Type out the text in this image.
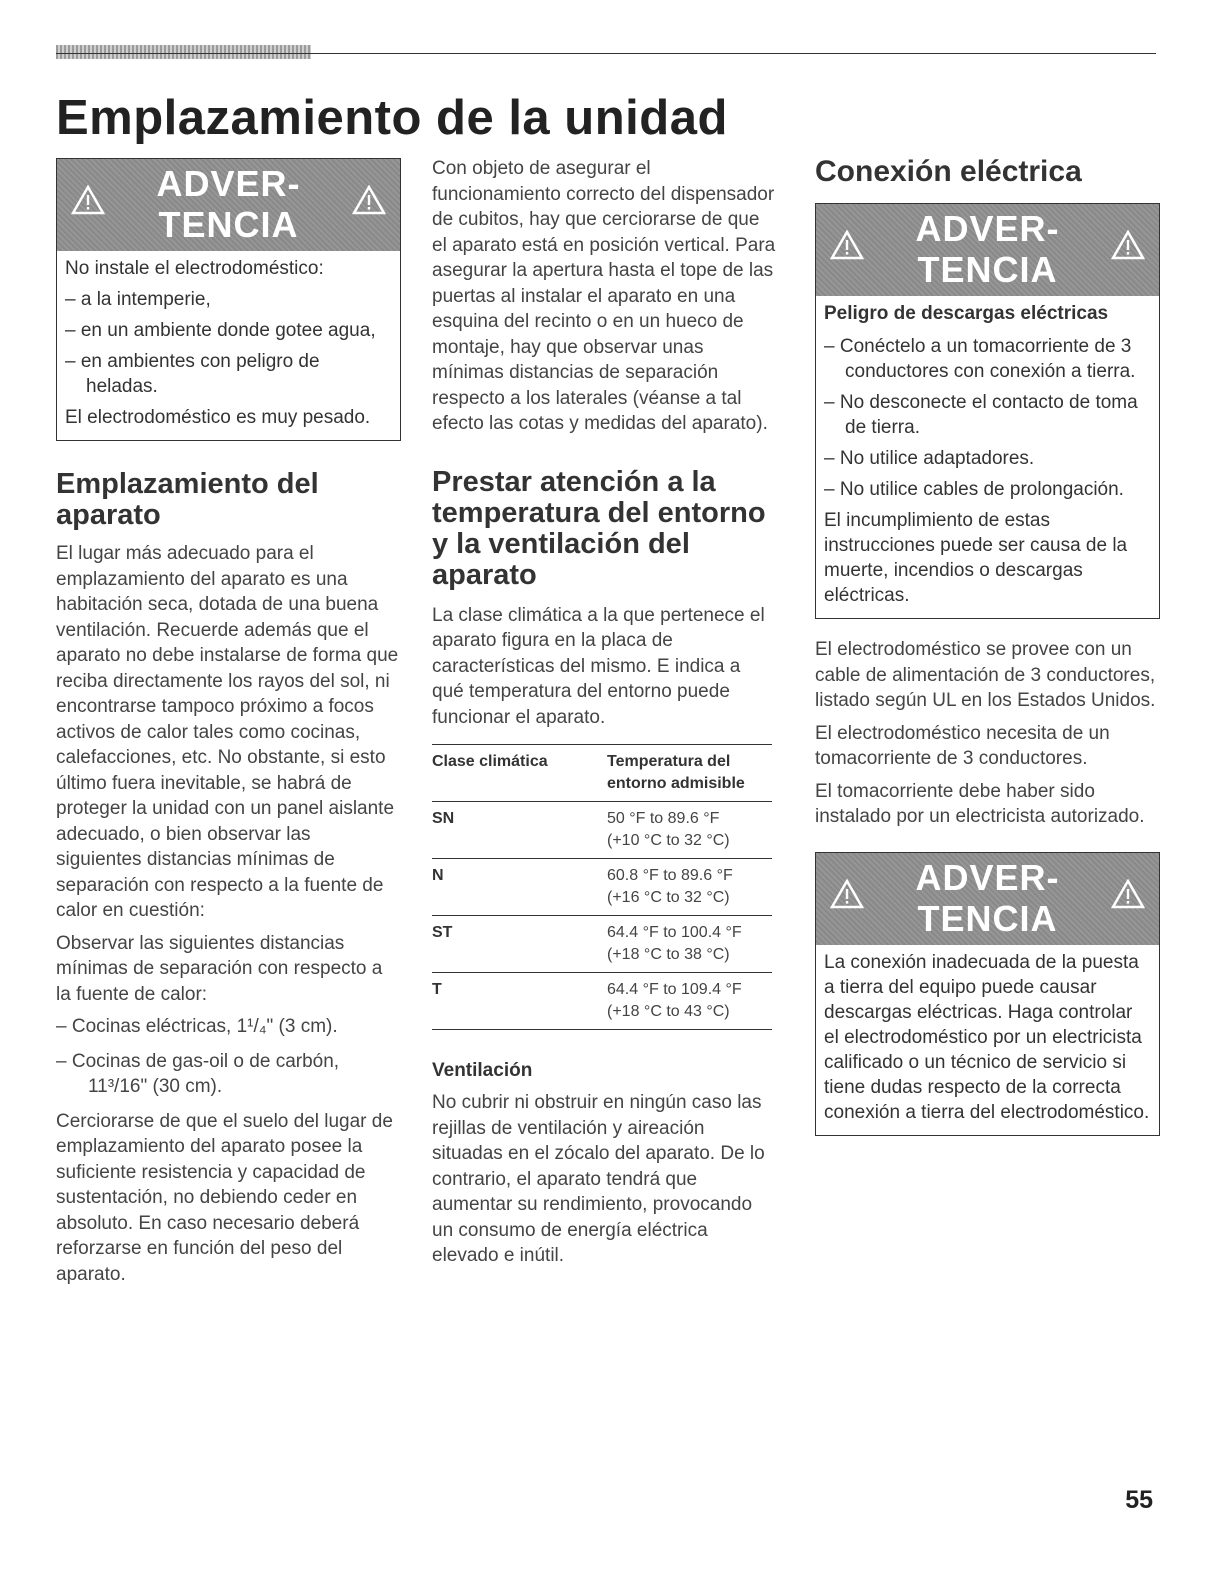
Emplazamiento de la unidad
ADVER-
TENCIA

No instale el electrodoméstico:

– a la intemperie,
– en un ambiente donde gotee agua,
– en ambientes con peligro de heladas.

El electrodoméstico es muy pesado.

Emplazamiento del aparato

El lugar más adecuado para el emplazamiento del aparato es una habitación seca, dotada de una buena ventilación. Recuerde además que el aparato no debe instalarse de forma que reciba directamente los rayos del sol, ni encontrarse tampoco próximo a focos activos de calor tales como cocinas, calefacciones, etc. No obstante, si esto último fuera inevitable, se habrá de proteger la unidad con un panel aislante adecuado, o bien observar las siguientes distancias mínimas de separación con respecto a la fuente de calor en cuestión:

Observar las siguientes distancias mínimas de separación con respecto a la fuente de calor:

– Cocinas eléctricas, 1¹/₄" (3 cm).
– Cocinas de gas-oil o de carbón, 11³/16" (30 cm).

Cerciorarse de que el suelo del lugar de emplazamiento del aparato posee la suficiente resistencia y capacidad de sustentación, no debiendo ceder en absoluto. En caso necesario deberá reforzarse en función del peso del aparato.

Con objeto de asegurar el funcionamiento correcto del dispensador de cubitos, hay que cerciorarse de que el aparato está en posición vertical. Para asegurar la apertura hasta el tope de las puertas al instalar el aparato en una esquina del recinto o en un hueco de montaje, hay que observar unas mínimas distancias de separación respecto a los laterales (véanse a tal efecto las cotas y medidas del aparato).

Prestar atención a la temperatura del entorno y la ventilación del aparato

La clase climática a la que pertenece el aparato figura en la placa de características del mismo. E indica a qué temperatura del entorno puede funcionar el aparato.

Clase climática	Temperatura del entorno admisible
SN	50 °F to 89.6 °F
(+10 °C to 32 °C)
N	60.8 °F to 89.6 °F
(+16 °C to 32 °C)
ST	64.4 °F to 100.4 °F
(+18 °C to 38 °C)
T	64.4 °F to 109.4 °F
(+18 °C to 43 °C)
Ventilación

No cubrir ni obstruir en ningún caso las rejillas de ventilación y aireación situadas en el zócalo del aparato. De lo contrario, el aparato tendrá que aumentar su rendimiento, provocando un consumo de energía eléctrica elevado e inútil.

Conexión eléctrica
ADVER-
TENCIA

Peligro de descargas eléctricas

– Conéctelo a un tomacorriente de 3 conductores con conexión a tierra.
– No desconecte el contacto de toma de tierra.
– No utilice adaptadores.
– No utilice cables de prolongación.

El incumplimiento de estas instrucciones puede ser causa de la muerte, incendios o descargas eléctricas.

El electrodoméstico se provee con un cable de alimentación de 3 conductores, listado según UL en los Estados Unidos.

El electrodoméstico necesita de un tomacorriente de 3 conductores.

El tomacorriente debe haber sido instalado por un electricista autorizado.

ADVER-
TENCIA

La conexión inadecuada de la puesta a tierra del equipo puede causar descargas eléctricas. Haga controlar el electrodoméstico por un electricista calificado o un técnico de servicio si tiene dudas respecto de la correcta conexión a tierra del electrodoméstico.

55
